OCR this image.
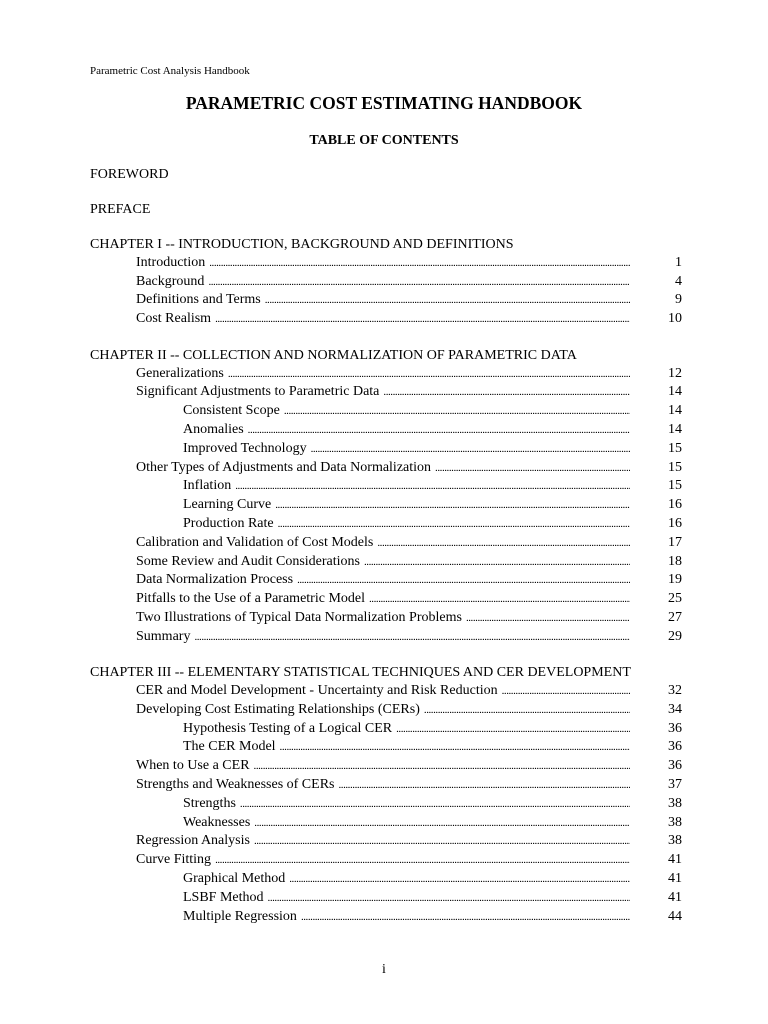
Parametric Cost Analysis Handbook

PARAMETRIC COST ESTIMATING HANDBOOK
TABLE OF CONTENTS

FOREWORD

PREFACE

CHAPTER I -- INTRODUCTION, BACKGROUND AND DEFINITIONS

Introduction . . .	1
Background . . .	4
Definitions and Terms . . .	9
Cost Realism . . .	10

CHAPTER II -- COLLECTION AND NORMALIZATION OF PARAMETRIC DATA

Generalizations . . .	12
Significant Adjustments to Parametric Data . . .	14
Consistent Scope . . .	14
Anomalies . . .	14
Improved Technology . . .	15
Other Types of Adjustments and Data Normalization . . .	15
Inflation . . .	15
Learning Curve . . .	16
Production Rate . . .	16
Calibration and Validation of Cost Models . . .	17
Some Review and Audit Considerations . . .	18
Data Normalization Process . . .	19
Pitfalls to the Use of a Parametric Model . . .	25
Two Illustrations of Typical Data Normalization Problems . . .	27
Summary . . .	29

CHAPTER III -- ELEMENTARY STATISTICAL TECHNIQUES AND CER DEVELOPMENT

CER and Model Development - Uncertainty and Risk Reduction . . .	32
Developing Cost Estimating Relationships (CERs) . . .	34
Hypothesis Testing of a Logical CER . . .	36
The CER Model . . .	36
When to Use a CER . . .	36
Strengths and Weaknesses of CERs . . .	37
Strengths . . .	38
Weaknesses . . .	38
Regression Analysis . . .	38
Curve Fitting . . .	41
Graphical Method . . .	41
LSBF Method . . .	41
Multiple Regression . . .	44

i
